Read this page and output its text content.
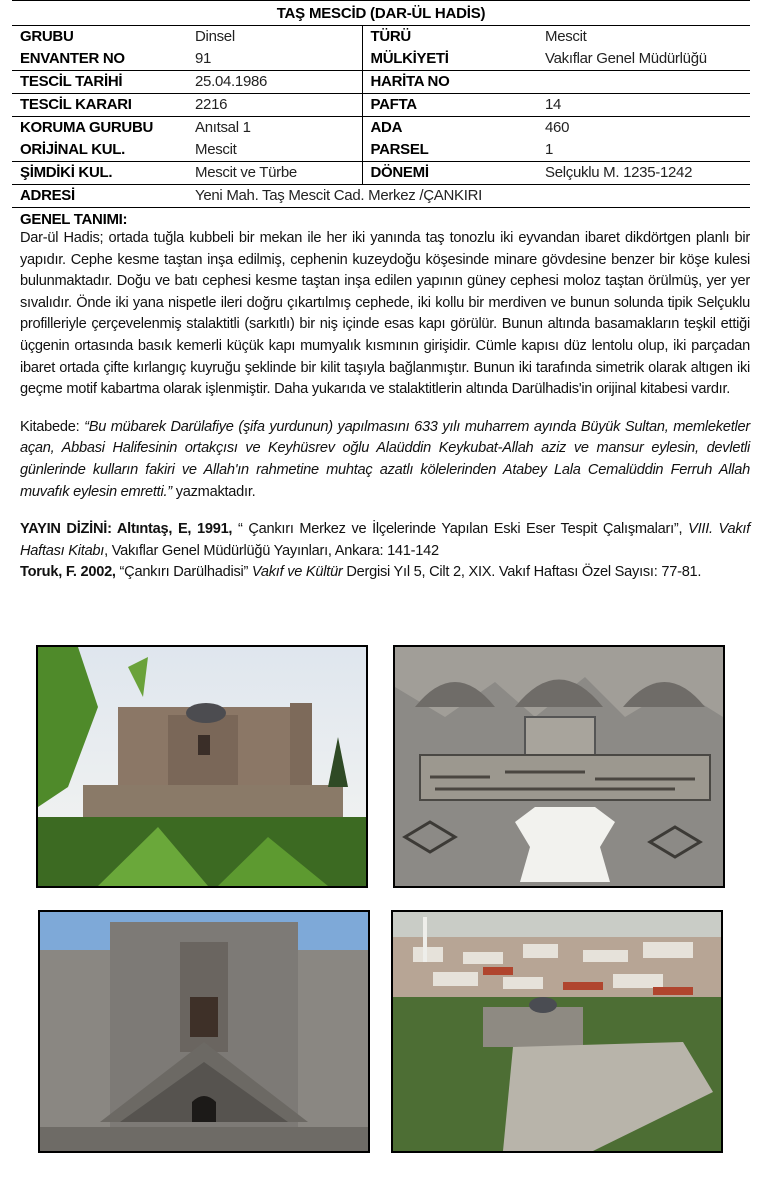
TAŞ MESCİD (DAR-ÜL HADİS)
GRUBU	Dinsel	TÜRÜ	Mescit
ENVANTER NO	91	MÜLKİYETİ	Vakıflar Genel Müdürlüğü
TESCİL TARİHİ	25.04.1986	HARİTA NO	
TESCİL KARARI	2216	PAFTA	14
KORUMA GURUBU	Anıtsal 1	ADA	460
ORİJİNAL KUL.	Mescit	PARSEL	1
ŞİMDİKİ KUL.	Mescit ve Türbe	DÖNEMİ	Selçuklu M. 1235-1242
ADRESİ	Yeni Mah. Taş Mescit Cad. Merkez /ÇANKIRI		
GENEL TANIMI:

Dar-ül Hadis; ortada tuğla kubbeli bir mekan ile her iki yanında taş tonozlu iki eyvandan ibaret dikdörtgen planlı bir yapıdır. Cephe kesme taştan inşa edilmiş, cephenin kuzeydoğu köşesinde minare gövdesine benzer bir köşe kulesi bulunmaktadır. Doğu ve batı cephesi kesme taştan inşa edilen yapının güney cephesi moloz taştan örülmüş, yer yer sıvalıdır. Önde iki yana nispetle ileri doğru çıkartılmış cephede, iki kollu bir merdiven ve bunun solunda tipik Selçuklu profilleriyle çerçevelenmiş stalaktitli (sarkıtlı) bir niş içinde esas kapı görülür. Bunun altında basamakların teşkil ettiği üçgenin ortasında basık kemerli küçük kapı mumyalık kısmının girişidir. Cümle kapısı düz lentolu olup, iki parçadan ibaret ortada çifte kırlangıç kuyruğu şeklinde bir kilit taşıyla bağlanmıştır. Bunun iki tarafında simetrik olarak altıgen iki geçme motif kabartma olarak işlenmiştir. Daha yukarıda ve stalaktitlerin altında Darülhadis'in orijinal kitabesi vardır.

Kitabede: “Bu mübarek Darülafiye (şifa yurdunun) yapılmasını 633 yılı muharrem ayında Büyük Sultan, memleketler açan, Abbasi Halifesinin ortakçısı ve Keyhüsrev oğlu Alaüddin Keykubat-Allah aziz ve mansur eylesin, devletli günlerinde kulların fakiri ve Allah'ın rahmetine muhtaç azatlı kölelerinden Atabey Lala Cemalüddin Ferruh Allah muvafık eylesin emretti.” yazmaktadır.

YAYIN DİZİNİ: Altıntaş, E, 1991, “ Çankırı Merkez ve İlçelerinde Yapılan Eski Eser Tespit Çalışmaları”, VIII. Vakıf Haftası Kitabı, Vakıflar Genel Müdürlüğü Yayınları, Ankara: 141-142

Toruk, F. 2002, “Çankırı Darülhadisi” Vakıf ve Kültür Dergisi Yıl 5, Cilt 2, XIX. Vakıf Haftası Özel Sayısı: 77-81.
